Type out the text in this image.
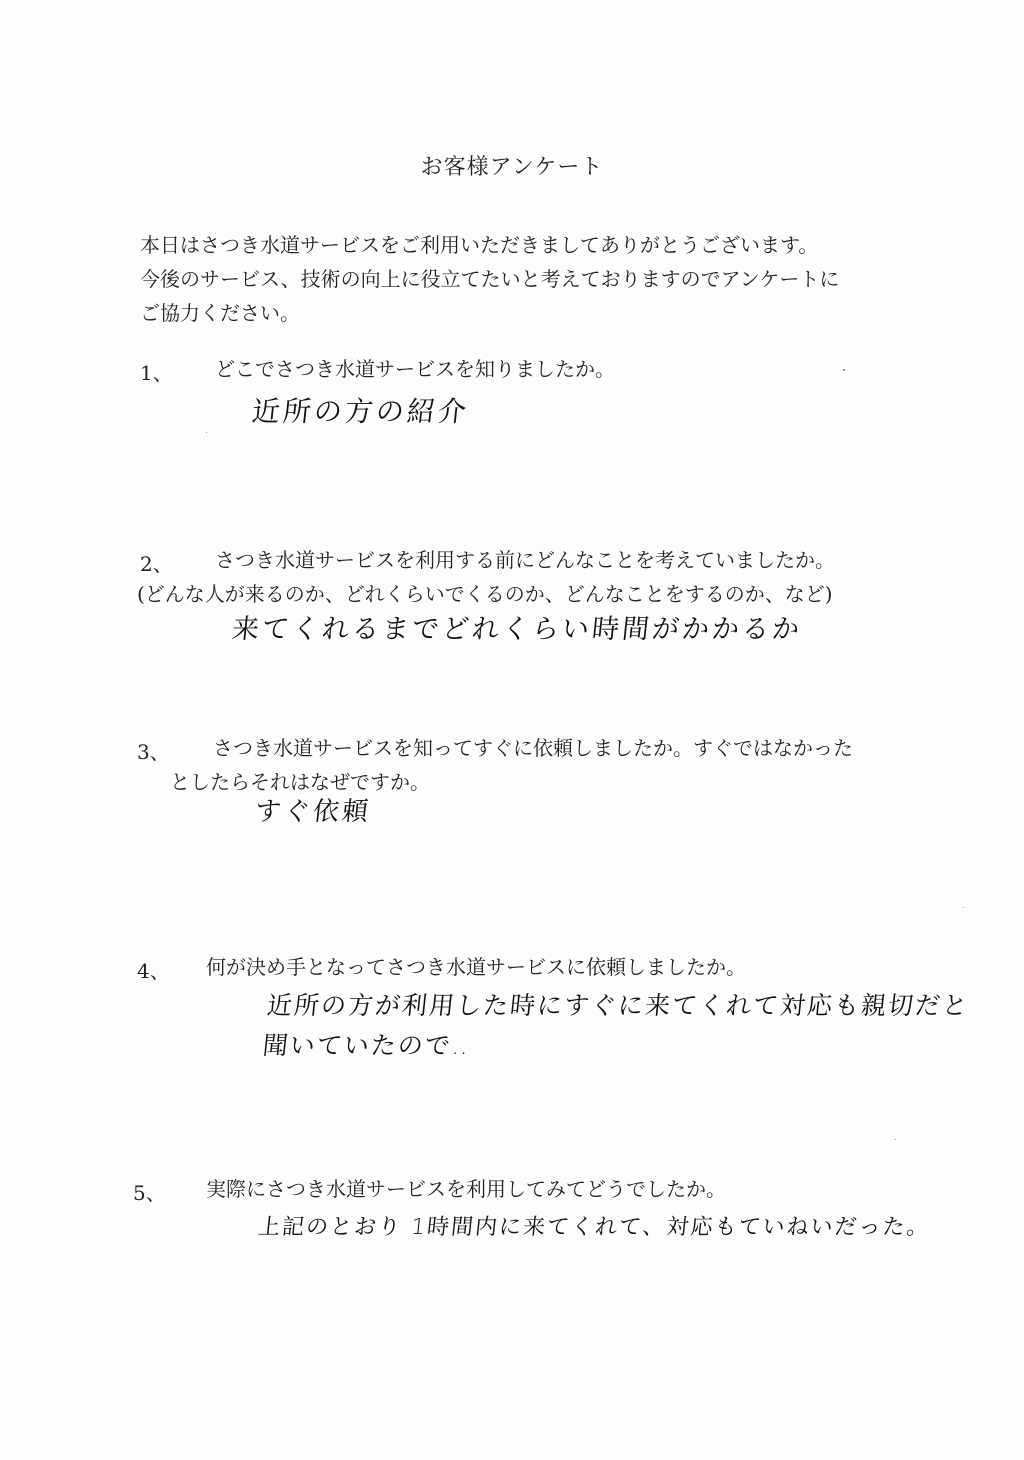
お客様アンケート
本日はさつき水道サービスをご利用いただきましてありがとうございます。
今後のサービス、技術の向上に役立てたいと考えておりますのでアンケートに
ご協力ください。
1、 どこでさつき水道サービスを知りましたか。
近所の方の紹介
2、	さつき水道サービスを利用する前にどんなことを考えていましたか。
(どんな人が来るのか、どれくらいでくるのか、どんなことをするのか、など)
来てくれるまでどれくらい時間がかかるか
3、	さつき水道サービスを知ってすぐに依頼しましたか。すぐではなかった
としたらそれはなぜですか。
すぐ依頼
4、 何が決め手となってさつき水道サービスに依頼しましたか。
近所の方が利用した時にすぐに来てくれて対応も親切だと
聞いていたので‥
5、 実際にさつき水道サービスを利用してみてどうでしたか。
上記のとおり 1時間内に来てくれて、対応もていねいだった。
